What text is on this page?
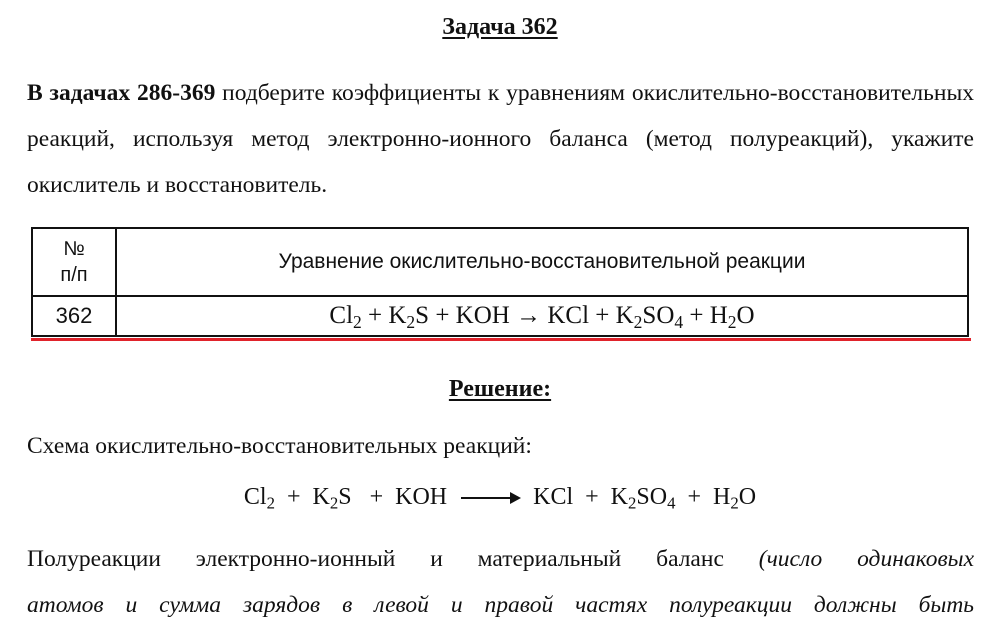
Задача 362
В задачах 286-369 подберите коэффициенты к уравнениям окислительно-восстановительных реакций, используя метод электронно-ионного баланса (метод полуреакций), укажите окислитель и восстановитель.
№
п/п	Уравнение окислительно-восстановительной реакции
362	$Cl_2 + K_2S$ + KOH → KCl + $K_2SO_4 + H_2O$
Решение:
Схема окислительно-восстановительных реакций:
$Cl_2 + K_2S$   +  KOH → KCl  +  $K_2SO_4 + H_2O$
Полуреакции электронно-ионный и материальный баланс (число одинаковых
атомов и сумма зарядов в левой и правой частях полуреакции должны быть
